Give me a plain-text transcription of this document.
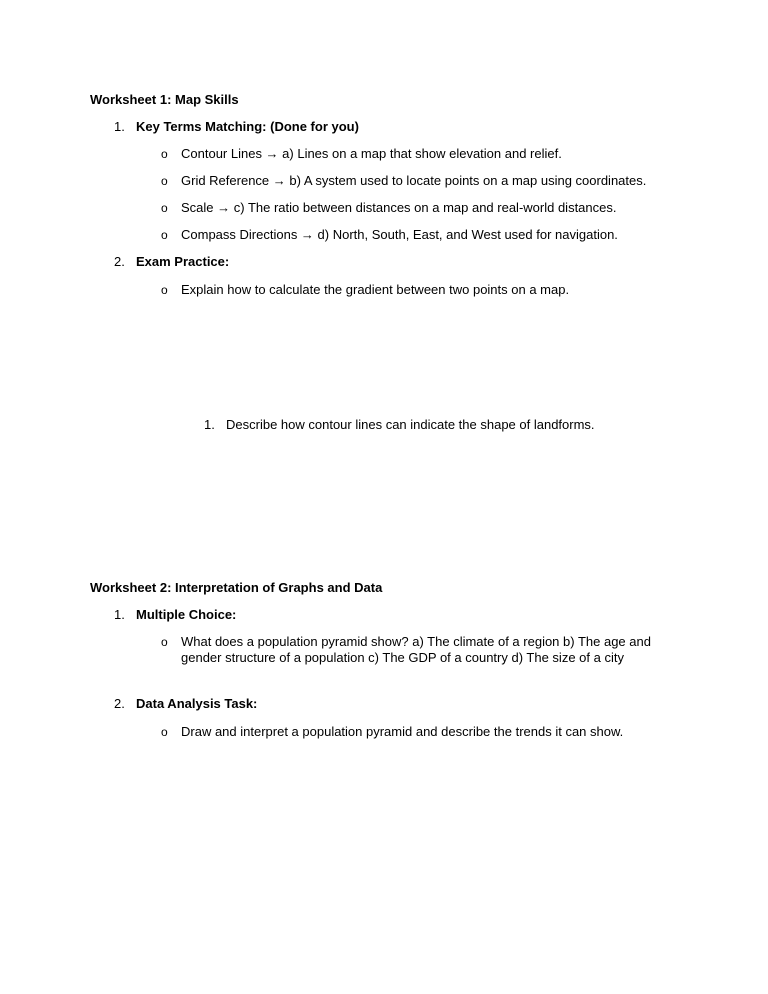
Worksheet 1: Map Skills
1. Key Terms Matching: (Done for you)
o Contour Lines → a) Lines on a map that show elevation and relief.
o Grid Reference → b) A system used to locate points on a map using coordinates.
o Scale → c) The ratio between distances on a map and real-world distances.
o Compass Directions → d) North, South, East, and West used for navigation.
2. Exam Practice:
o Explain how to calculate the gradient between two points on a map.
1. Describe how contour lines can indicate the shape of landforms.
Worksheet 2: Interpretation of Graphs and Data
1. Multiple Choice:
o What does a population pyramid show? a) The climate of a region b) The age and gender structure of a population c) The GDP of a country d) The size of a city
2. Data Analysis Task:
o Draw and interpret a population pyramid and describe the trends it can show.
